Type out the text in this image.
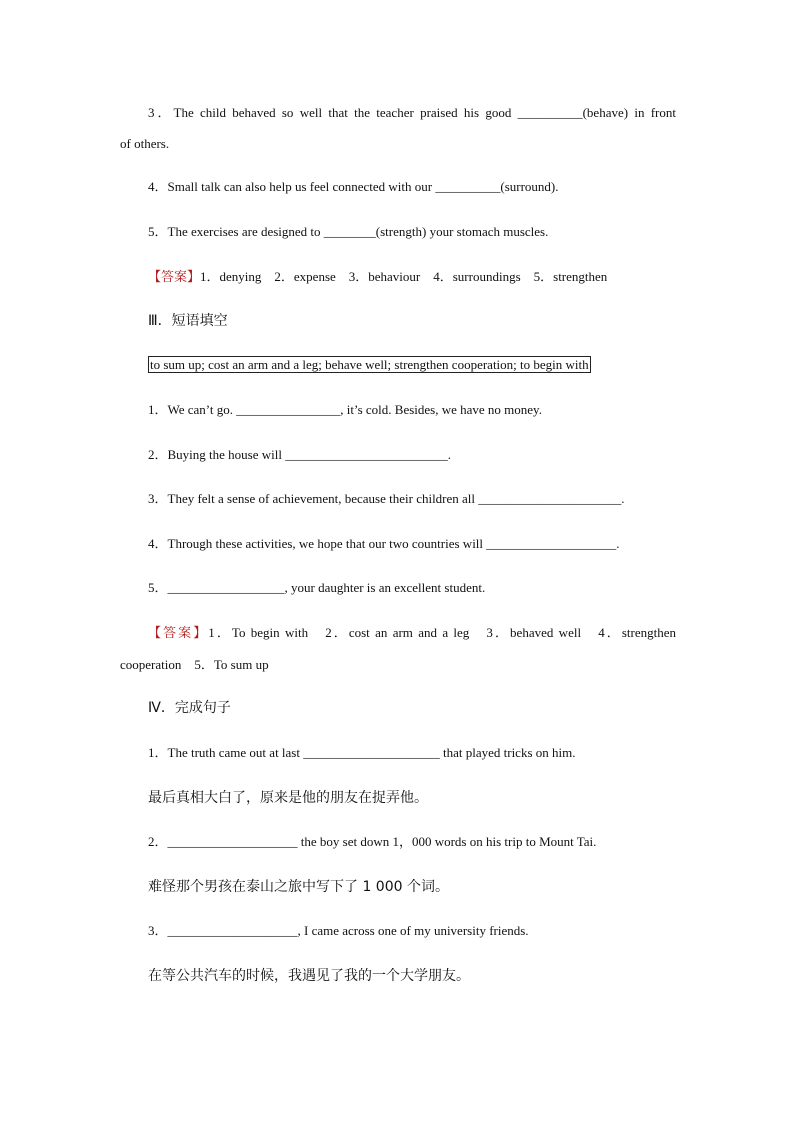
3．The child behaved so well that the teacher praised his good __________(behave) in front
of others.
4．Small talk can also help us feel connected with our __________(surround).
5．The exercises are designed to ________(strength) your stomach muscles.
【答案】1．denying　2．expense　3．behaviour　4．surroundings　5．strengthen
Ⅲ．短语填空
to sum up; cost an arm and a leg; behave well; strengthen cooperation; to begin with
1．We can’t go. ________________, it’s cold. Besides, we have no money.
2．Buying the house will _________________________.
3．They felt a sense of achievement, because their children all ______________________.
4．Through these activities, we hope that our two countries will ____________________.
5．__________________, your daughter is an excellent student.
【答案】1．To begin with　2．cost an arm and a leg　3．behaved well　4．strengthen
cooperation　5．To sum up
Ⅳ．完成句子
1．The truth came out at last _____________________ that played tricks on him.
最后真相大白了，原来是他的朋友在捉弄他。
2．____________________ the boy set down 1，000 words on his trip to Mount Tai.
难怪那个男孩在泰山之旅中写下了 1 000 个词。
3．____________________, I came across one of my university friends.
在等公共汽车的时候，我遇见了我的一个大学朋友。
